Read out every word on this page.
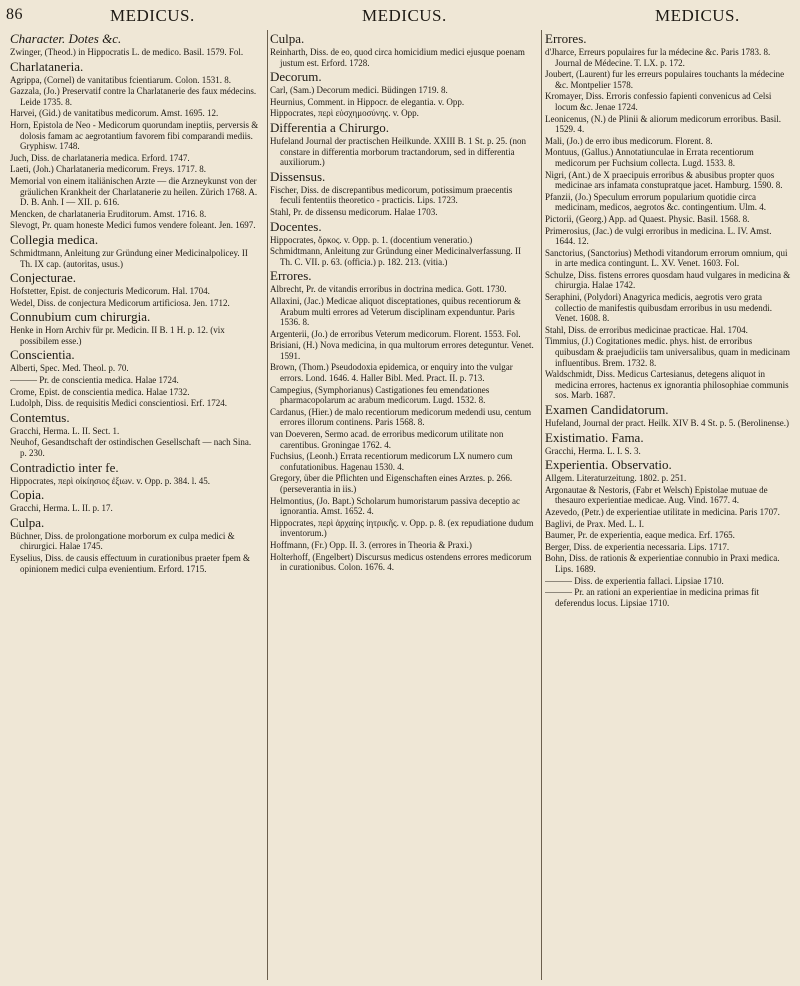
86	MEDICUS.	MEDICUS.	MEDICUS.
Character. Dotes &c.
Zwinger, (Theod.) in Hippocratis L. de medico. Basil. 1579. Fol.
Charlataneria.
Agrippa, (Cornel) de vanitatibus fcientiarum. Colon. 1531. 8.
Gazzala, (Jo.) Preservatif contre la Charlatanerie des faux médecins. Leide 1735. 8.
Harvei, (Gid.) de vanitatibus medicorum. Amst. 1695. 12.
Horn, Epistola de Neo - Medicorum quorundam ineptiis, perversis & dolosis famam ac aegrotantium favorem fibi comparandi mediis. Gryphisw. 1748.
Juch, Diss. de charlataneria medica. Erford. 1747.
Laeti, (Joh.) Charlataneria medicorum. Freys. 1717. 8.
Memorial von einem italiänischen Arzte — die Arzneykunst von der gräulichen Krankheit der Charlatanerie zu heilen. Zürich 1768. A. D. B. Anh. I — XII. p. 616.
Mencken, de charlataneria Eruditorum. Amst. 1716. 8.
Slevogt, Pr. quam honeste Medici fumos vendere foleant. Jen. 1697.
Collegia medica.
Schmidtmann, Anleitung zur Gründung einer Medicinalpolicey. II Th. IX cap. (autoritas, usus.)
Conjecturae.
Hofstetter, Epist. de conjecturis Medicorum. Hal. 1704.
Wedel, Diss. de conjectura Medicorum artificiosa. Jen. 1712.
Connubium cum chirurgia.
Henke in Horn Archiv für pr. Medicin. II B. 1 H. p. 12. (vix possibilem esse.)
Conscientia.
Alberti, Spec. Med. Theol. p. 70.
——— Pr. de conscientia medica. Halae 1724.
Crome, Epist. de conscientia medica. Halae 1732.
Ludolph, Diss. de requisitis Medici conscientiosi. Erf. 1724.
Contemtus.
Gracchi, Herma. L. II. Sect. 1.
Neuhof, Gesandtschaft der ostindischen Gesellschaft — nach Sina. p. 230.
Contradictio inter fe.
Hippocrates, περὶ οἰκίησιος ἐξιων. v. Opp. p. 384. l. 45.
Copia.
Gracchi, Herma. L. II. p. 17.
Culpa.
Büchner, Diss. de prolongatione morborum ex culpa medici & chirurgici. Halae 1745.
Eyselius, Diss. de causis effectuum in curationibus praeter fpem & opinionem medici culpa evenientium. Erford. 1715.
Culpa.
Reinharth, Diss. de eo, quod circa homicidium medici ejusque poenam justum est. Erford. 1728.
Decorum.
Carl, (Sam.) Decorum medici. Büdingen 1719. 8.
Heurnius, Comment. in Hippocr. de elegantia. v. Opp.
Hippocrates, περὶ εὐσχημοσύνης. v. Opp.
Differentia a Chirurgo.
Hufeland Journal der practischen Heilkunde. XXIII B. 1 St. p. 25. (non constare in differentia morborum tractandorum, sed in differentia auxiliorum.)
Dissensus.
Fischer, Diss. de discrepantibus medicorum, potissimum praecentis feculi fententiis theoretico - practicis. Lips. 1723.
Stahl, Pr. de dissensu medicorum. Halae 1703.
Docentes.
Hippocrates, ὅρκος. v. Opp. p. 1. (docentium veneratio.)
Schmidtmann, Anleitung zur Gründung einer Medicinalverfassung. II Th. C. VII. p. 63. (officia.) p. 182. 213. (vitia.)
Errores.
Albrecht, Pr. de vitandis erroribus in doctrina medica. Gott. 1730.
Allaxini, (Jac.) Medicae aliquot disceptationes, quibus recentiorum & Arabum multi errores ad Veterum disciplinam expenduntur. Paris 1536. 8.
Argenterii, (Jo.) de erroribus Veterum medicorum. Florent. 1553. Fol.
Brisiani, (H.) Nova medicina, in qua multorum errores deteguntur. Venet. 1591.
Brown, (Thom.) Pseudodoxia epidemica, or enquiry into the vulgar errors. Lond. 1646. 4. Haller Bibl. Med. Pract. II. p. 713.
Campegius, (Symphorianus) Castigationes feu emendationes pharmacopolarum ac arabum medicorum. Lugd. 1532. 8.
Cardanus, (Hier.) de malo recentiorum medicorum medendi usu, centum errores illorum continens. Paris 1568. 8.
van Doeveren, Sermo acad. de erroribus medicorum utilitate non carentibus. Groningae 1762. 4.
Fuchsius, (Leonh.) Errata recentiorum medicorum LX numero cum confutationibus. Hagenau 1530. 4.
Gregory, über die Pflichten und Eigenschaften eines Arztes. p. 266. (perseverantia in iis.)
Helmontius, (Jo. Bapt.) Scholarum humoristarum passiva deceptio ac ignorantia. Amst. 1652. 4.
Hippocrates, περὶ ἀρχαίης ἰητρικῆς. v. Opp. p. 8. (ex repudiatione dudum inventorum.)
Hoffmann, (Fr.) Opp. II. 3. (errores in Theoria & Praxi.)
Holterhoff, (Engelbert) Discursus medicus ostendens errores medicorum in curationibus. Colon. 1676. 4.
Errores.
d'Jharce, Erreurs populaires fur la médecine &c. Paris 1783. 8. Journal de Médecine. T. LX. p. 172.
Joubert, (Laurent) fur les erreurs populaires touchants la médecine &c. Montpelier 1578.
Kromayer, Diss. Erroris confessio fapienti convenicus ad Celsi locum &c. Jenae 1724.
Leonicenus, (N.) de Plinii & aliorum medicorum erroribus. Basil. 1529. 4.
Mali, (Jo.) de erro ibus medicorum. Florent. 8.
Montuus, (Gallus.) Annotatiunculae in Errata recentiorum medicorum per Fuchsium collecta. Lugd. 1533. 8.
Nigri, (Ant.) de X praecipuis erroribus & abusibus propter quos medicinae ars infamata constupratque jacet. Hamburg. 1590. 8.
Pfanzii, (Jo.) Speculum errorum popularium quotidie circa medicinam, medicos, aegrotos &c. contingentium. Ulm. 4.
Pictorii, (Georg.) App. ad Quaest. Physic. Basil. 1568. 8.
Primerosius, (Jac.) de vulgi erroribus in medicina. L. IV. Amst. 1644. 12.
Sanctorius, (Sanctorius) Methodi vitandorum errorum omnium, qui in arte medica contingunt. L. XV. Venet. 1603. Fol.
Schulze, Diss. fistens errores quosdam haud vulgares in medicina & chirurgia. Halae 1742.
Seraphini, (Polydori) Anagyrica medicis, aegrotis vero grata collectio de manifestis quibusdam erroribus in usu medendi. Venet. 1608. 8.
Stahl, Diss. de erroribus medicinae practicae. Hal. 1704.
Timmius, (J.) Cogitationes medic. phys. hist. de erroribus quibusdam & praejudiciis tam universalibus, quam in medicinam influentibus. Brem. 1732. 8.
Waldschmidt, Diss. Medicus Cartesianus, detegens aliquot in medicina errores, hactenus ex ignorantia philosophiae communis sos. Marb. 1687.
Examen Candidatorum.
Hufeland, Journal der pract. Heilk. XIV B. 4 St. p. 5. (Berolinense.)
Existimatio. Fama.
Gracchi, Herma. L. I. S. 3.
Experientia. Observatio.
Allgem. Literaturzeitung. 1802. p. 251.
Argonautae & Nestoris, (Fabr et Welsch) Epistolae mutuae de thesauro experientiae medicae. Aug. Vind. 1677. 4.
Azevedo, (Petr.) de experientiae utilitate in medicina. Paris 1707.
Baglivi, de Prax. Med. L. I.
Baumer, Pr. de experientia, eaque medica. Erf. 1765.
Berger, Diss. de experientia necessaria. Lips. 1717.
Bohn, Diss. de rationis & experientiae connubio in Praxi medica. Lips. 1689.
——— Diss. de experientia fallaci. Lipsiae 1710.
——— Pr. an rationi an experientiae in medicina primas fit deferendus locus. Lipsiae 1710.
